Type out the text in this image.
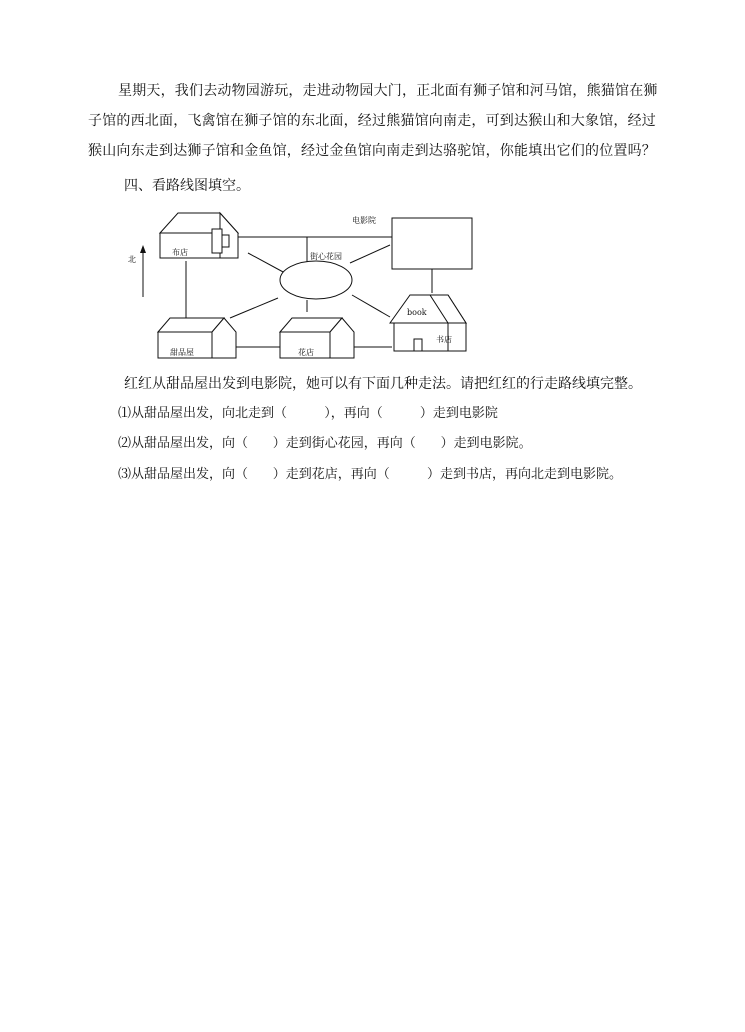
星期天，我们去动物园游玩，走进动物园大门，正北面有狮子馆和河马馆，熊猫馆在狮子馆的西北面，飞禽馆在狮子馆的东北面，经过熊猫馆向南走，可到达猴山和大象馆，经过猴山向东走到达狮子馆和金鱼馆，经过金鱼馆向南走到达骆驼馆，你能填出它们的位置吗？

四、看路线图填空。

北
布店
电影院
街心花园
book
书店
甜品屋	花店

红红从甜品屋出发到电影院，她可以有下面几种走法。请把红红的行走路线填完整。

⑴从甜品屋出发，向北走到（         ），再向（         ）走到电影院

⑵从甜品屋出发，向（      ）走到街心花园，再向（      ）走到电影院。

⑶从甜品屋出发，向（      ）走到花店，再向（         ）走到书店，再向北走到电影院。
